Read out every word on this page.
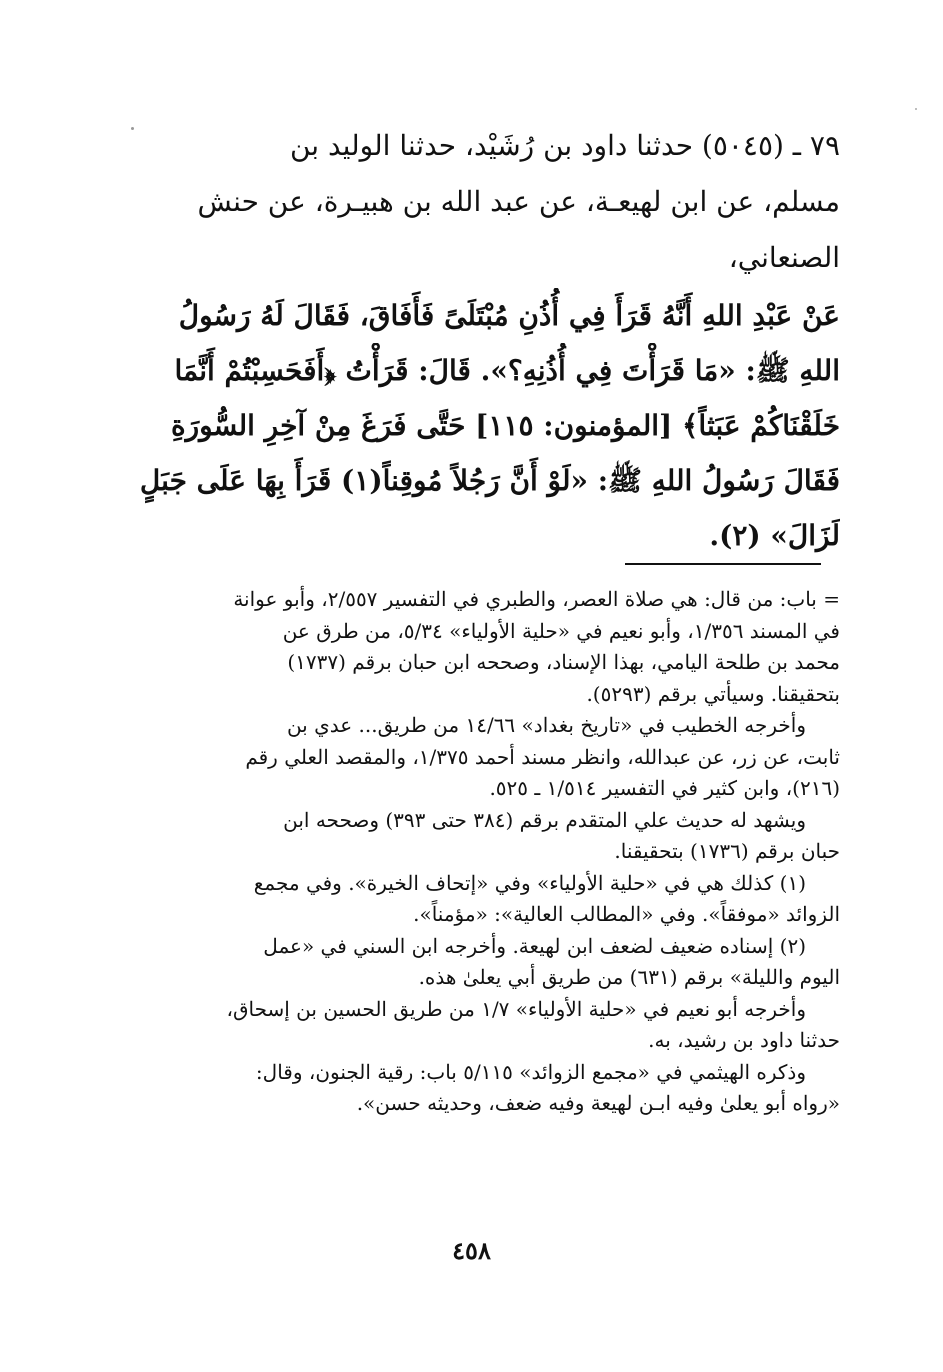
٧٩ ـ (٥٠٤٥) حدثنا داود بن رُشَيْد، حدثنا الوليد بن
مسلم، عن ابن لهيعـة، عن عبد الله بن هبيـرة، عن حنش
الصنعاني،
عَنْ عَبْدِ اللهِ أَنَّهُ قَرَأَ فِي أُذُنِ مُبْتَلَىً فَأَفَاقَ، فَقَالَ لَهُ رَسُولُ
اللهِ ﷺ: «مَا قَرَأْتَ فِي أُذُنِهِ؟». قَالَ: قَرَأْتُ ﴿أَفَحَسِبْتُمْ أَنَّمَا
خَلَقْنَاكُمْ عَبَثاً﴾ [المؤمنون: ١١٥] حَتَّى فَرَغَ مِنْ آخِرِ السُّورَةِ
فَقَالَ رَسُولُ اللهِ ﷺ: «لَوْ أَنَّ رَجُلاً مُوقِناً(١) قَرَأَ بِهَا عَلَى جَبَلٍ
لَزَالَ» (٢).
= باب: من قال: هي صلاة العصر، والطبري في التفسير ٢/٥٥٧، وأبو عوانة
في المسند ١/٣٥٦، وأبو نعيم في «حلية الأولياء» ٥/٣٤، من طرق عن
محمد بن طلحة اليامي، بهذا الإسناد، وصححه ابن حبان برقم (١٧٣٧)
بتحقيقنا. وسيأتي برقم (٥٢٩٣).
وأخرجه الخطيب في «تاريخ بغداد» ١٤/٦٦ من طريق... عدي بن
ثابت، عن زر، عن عبدالله، وانظر مسند أحمد ١/٣٧٥، والمقصد العلي رقم
(٢١٦)، وابن كثير في التفسير ١/٥١٤ ـ ٥٢٥.
ويشهد له حديث علي المتقدم برقم (٣٨٤ حتى ٣٩٣) وصححه ابن
حبان برقم (١٧٣٦) بتحقيقنا.
(١) كذلك هي في «حلية الأولياء» وفي «إتحاف الخيرة». وفي مجمع
الزوائد «موفقاً». وفي «المطالب العالية»: «مؤمناً».
(٢) إسناده ضعيف لضعف ابن لهيعة. وأخرجه ابن السني في «عمل
اليوم والليلة» برقم (٦٣١) من طريق أبي يعلىٰ هذه.
وأخرجه أبو نعيم في «حلية الأولياء» ١/٧ من طريق الحسين بن إسحاق،
حدثنا داود بن رشيد، به.
وذكره الهيثمي في «مجمع الزوائد» ٥/١١٥ باب: رقية الجنون، وقال:
«رواه أبو يعلىٰ وفيه ابـن لهيعة وفيه ضعف، وحديثه حسن».
٤٥٨
